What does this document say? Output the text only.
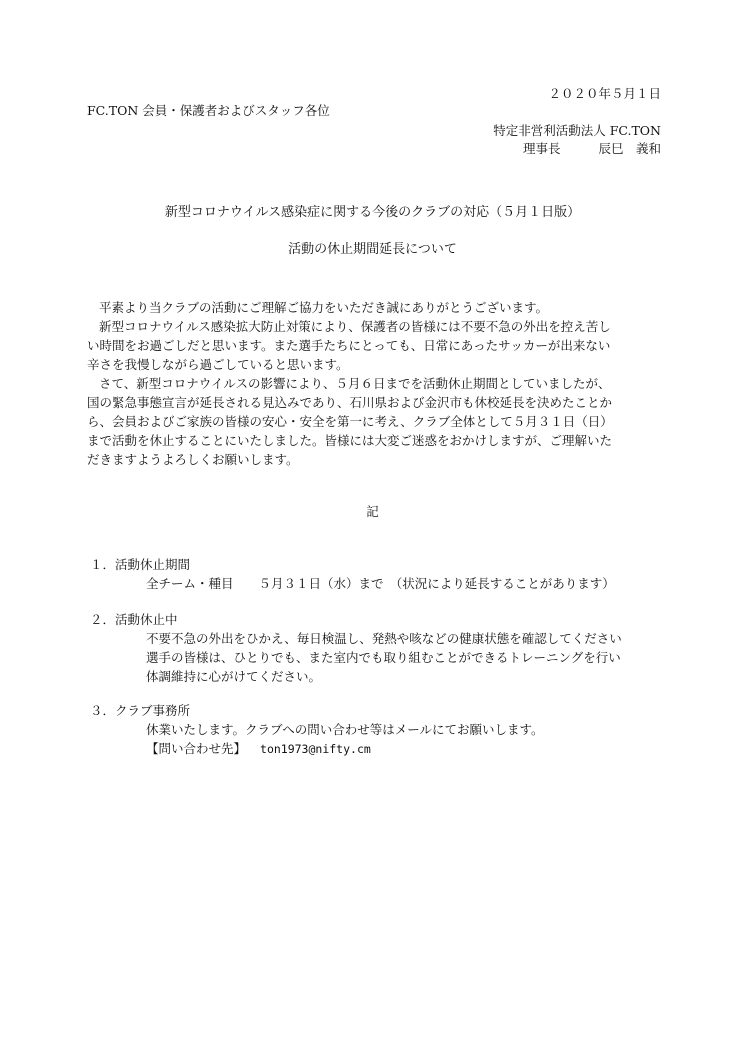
２０２０年５月１日
FC.TON 会員・保護者およびスタッフ各位
特定非営利活動法人 FC.TON
理事長	辰巳　義和
新型コロナウイルス感染症に関する今後のクラブの対応（５月１日版）
活動の休止期間延長について
平素より当クラブの活動にご理解ご協力をいただき誠にありがとうございます。
新型コロナウイルス感染拡大防止対策により、保護者の皆様には不要不急の外出を控え苦し
い時間をお過ごしだと思います。また選手たちにとっても、日常にあったサッカーが出来ない
辛さを我慢しながら過ごしていると思います。
さて、新型コロナウイルスの影響により、５月６日までを活動休止期間としていましたが、
国の緊急事態宣言が延長される見込みであり、石川県および金沢市も休校延長を決めたことか
ら、会員およびご家族の皆様の安心・安全を第一に考え、クラブ全体として５月３１日（日）
まで活動を休止することにいたしました。皆様には大変ご迷惑をおかけしますが、ご理解いた
だきますようよろしくお願いします。
記
１．活動休止期間
全チーム・種目　　５月３１日（水）まで　（状況により延長することがあります）
２．活動休止中
不要不急の外出をひかえ、毎日検温し、発熱や咳などの健康状態を確認してください
選手の皆様は、ひとりでも、また室内でも取り組むことができるトレーニングを行い
体調維持に心がけてください。
３．クラブ事務所
休業いたします。クラブへの問い合わせ等はメールにてお願いします。
【問い合わせ先】 ton1973@nifty.cm
